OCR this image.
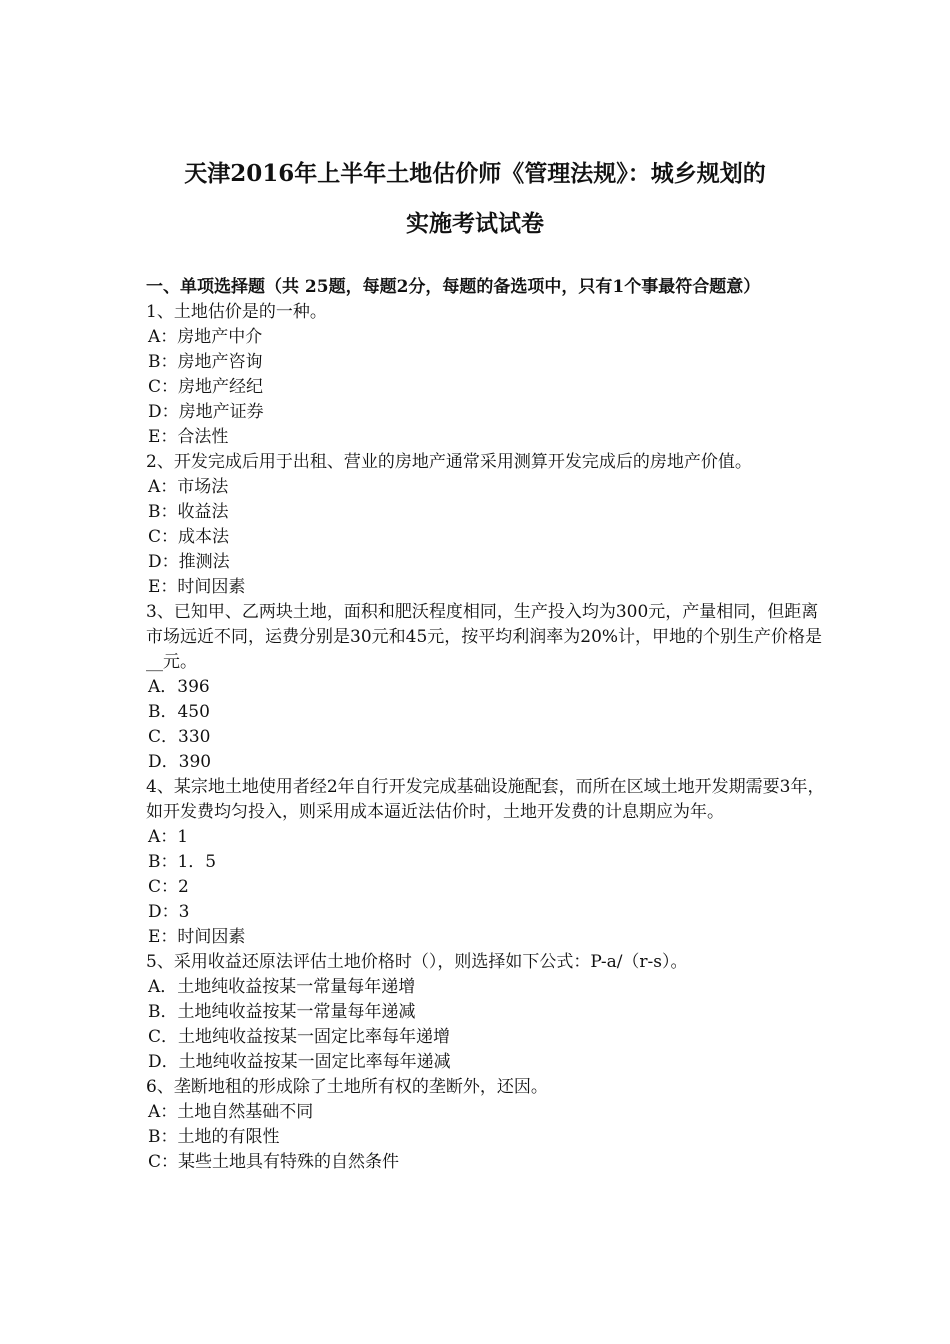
天津2016年上半年土地估价师《管理法规》：城乡规划的
实施考试试卷

一、单项选择题（共 25题，每题2分，每题的备选项中，只有1个事最符合题意）

1、土地估价是的一种。

A：房地产中介

B：房地产咨询

C：房地产经纪

D：房地产证券

E：合法性

2、开发完成后用于出租、营业的房地产通常采用测算开发完成后的房地产价值。

A：市场法

B：收益法

C：成本法

D：推测法

E：时间因素

3、已知甲、乙两块土地，面积和肥沃程度相同，生产投入均为300元，产量相同，但距离市场远近不同，运费分别是30元和45元，按平均利润率为20%计，甲地的个别生产价格是__元。

A．396

B．450

C．330

D．390

4、某宗地土地使用者经2年自行开发完成基础设施配套，而所在区域土地开发期需要3年，如开发费均匀投入，则采用成本逼近法估价时，土地开发费的计息期应为年。

A：1

B：1．5

C：2

D：3

E：时间因素

5、采用收益还原法评估土地价格时（），则选择如下公式：P-a/（r-s）。

A．土地纯收益按某一常量每年递增

B．土地纯收益按某一常量每年递减

C．土地纯收益按某一固定比率每年递增

D．土地纯收益按某一固定比率每年递减

6、垄断地租的形成除了土地所有权的垄断外，还因。

A：土地自然基础不同

B：土地的有限性

C：某些土地具有特殊的自然条件
